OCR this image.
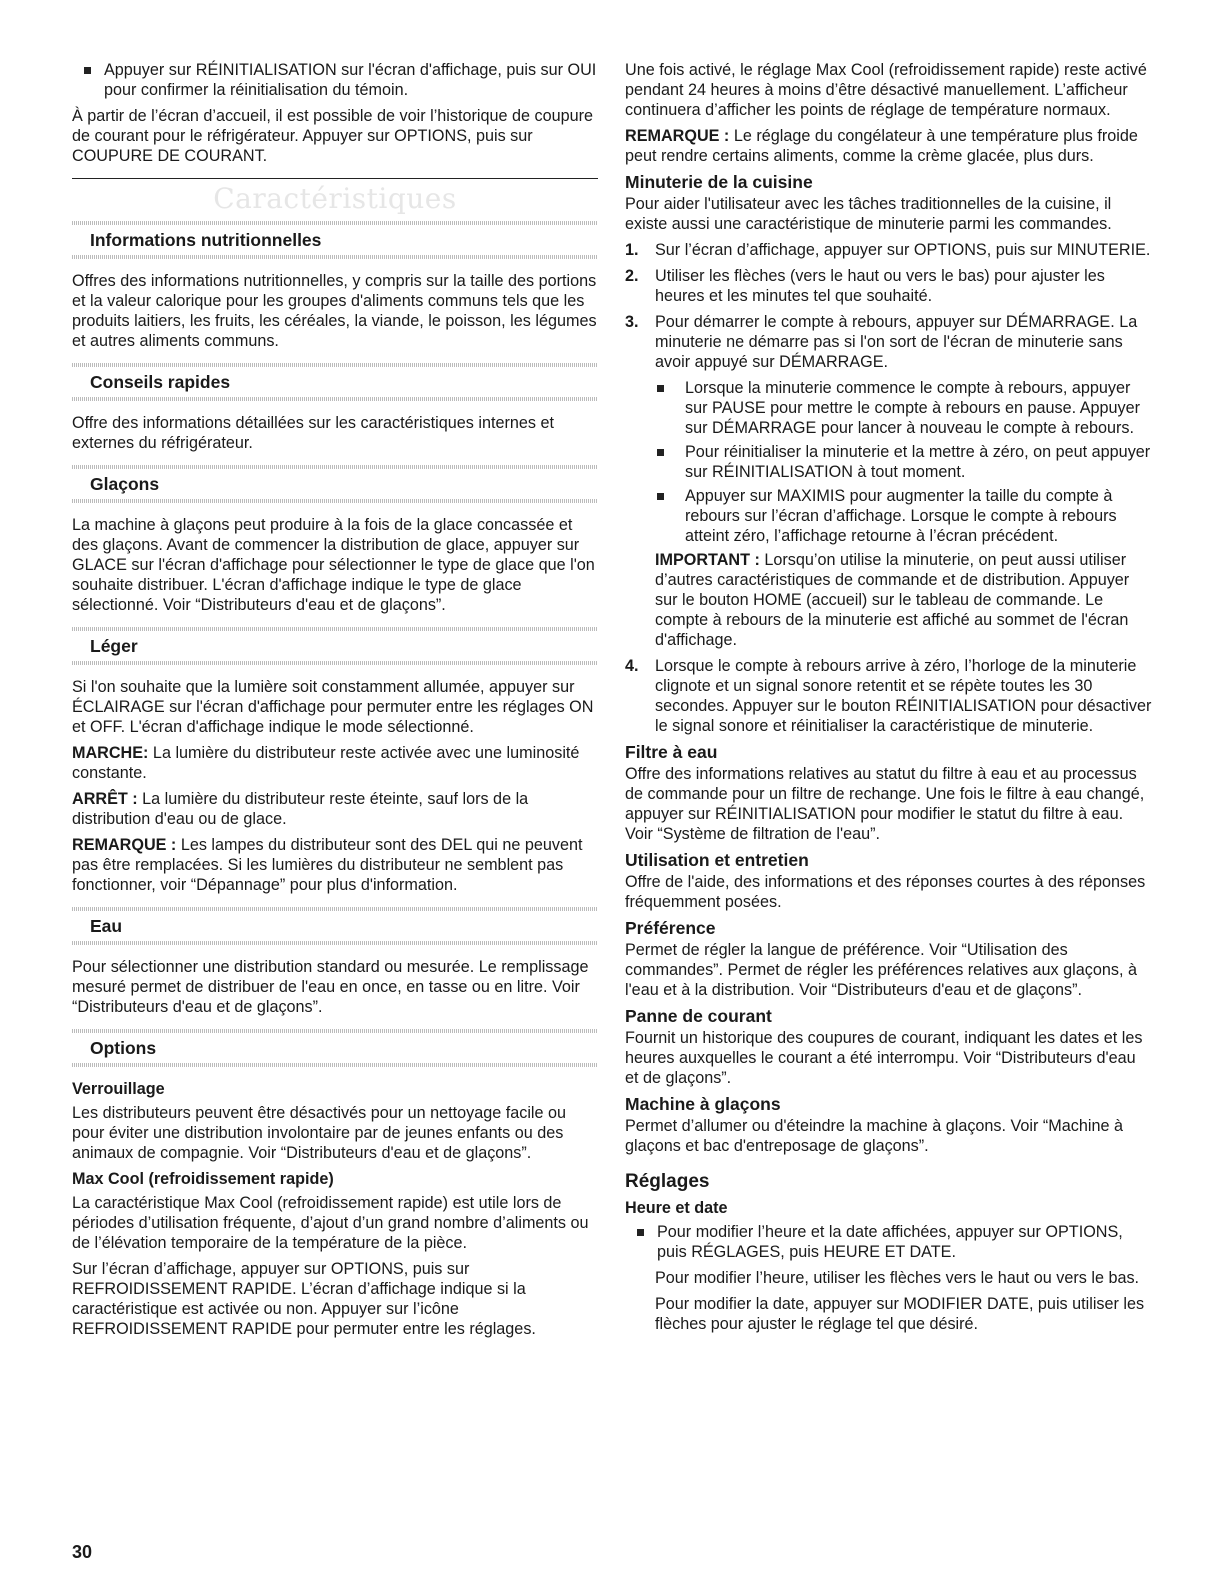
Appuyer sur RÉINITIALISATION sur l'écran d'affichage, puis sur OUI pour confirmer la réinitialisation du témoin.

À partir de l’écran d’accueil, il est possible de voir l’historique de coupure de courant pour le réfrigérateur. Appuyer sur OPTIONS, puis sur COUPURE DE COURANT.

Caractéristiques
Informations nutritionnelles

Offres des informations nutritionnelles, y compris sur la taille des portions et la valeur calorique pour les groupes d'aliments communs tels que les produits laitiers, les fruits, les céréales, la viande, le poisson, les légumes et autres aliments communs.

Conseils rapides

Offre des informations détaillées sur les caractéristiques internes et externes du réfrigérateur.

Glaçons

La machine à glaçons peut produire à la fois de la glace concassée et des glaçons. Avant de commencer la distribution de glace, appuyer sur GLACE sur l'écran d'affichage pour sélectionner le type de glace que l'on souhaite distribuer. L'écran d'affichage indique le type de glace sélectionné. Voir “Distributeurs d'eau et de glaçons”.

Léger

Si l'on souhaite que la lumière soit constamment allumée, appuyer sur ÉCLAIRAGE sur l'écran d'affichage pour permuter entre les réglages ON et OFF. L'écran d'affichage indique le mode sélectionné.

MARCHE: La lumière du distributeur reste activée avec une luminosité constante.

ARRÊT : La lumière du distributeur reste éteinte, sauf lors de la distribution d'eau ou de glace.

REMARQUE : Les lampes du distributeur sont des DEL qui ne peuvent pas être remplacées. Si les lumières du distributeur ne semblent pas fonctionner, voir “Dépannage” pour plus d'information.

Eau

Pour sélectionner une distribution standard ou mesurée. Le remplissage mesuré permet de distribuer de l'eau en once, en tasse ou en litre. Voir “Distributeurs d'eau et de glaçons”.

Options
Verrouillage

Les distributeurs peuvent être désactivés pour un nettoyage facile ou pour éviter une distribution involontaire par de jeunes enfants ou des animaux de compagnie. Voir “Distributeurs d'eau et de glaçons”.

Max Cool (refroidissement rapide)

La caractéristique Max Cool (refroidissement rapide) est utile lors de périodes d’utilisation fréquente, d’ajout d’un grand nombre d’aliments ou de l’élévation temporaire de la température de la pièce.

Sur l’écran d’affichage, appuyer sur OPTIONS, puis sur REFROIDISSEMENT RAPIDE. L’écran d’affichage indique si la caractéristique est activée ou non. Appuyer sur l’icône REFROIDISSEMENT RAPIDE pour permuter entre les réglages.

Une fois activé, le réglage Max Cool (refroidissement rapide) reste activé pendant 24 heures à moins d’être désactivé manuellement. L’afficheur continuera d’afficher les points de réglage de température normaux.

REMARQUE : Le réglage du congélateur à une température plus froide peut rendre certains aliments, comme la crème glacée, plus durs.

Minuterie de la cuisine

Pour aider l'utilisateur avec les tâches traditionnelles de la cuisine, il existe aussi une caractéristique de minuterie parmi les commandes.

1. Sur l’écran d’affichage, appuyer sur OPTIONS, puis sur MINUTERIE.
2. Utiliser les flèches (vers le haut ou vers le bas) pour ajuster les heures et les minutes tel que souhaité.
3. Pour démarrer le compte à rebours, appuyer sur DÉMARRAGE. La minuterie ne démarre pas si l'on sort de l'écran de minuterie sans avoir appuyé sur DÉMARRAGE.
Lorsque la minuterie commence le compte à rebours, appuyer sur PAUSE pour mettre le compte à rebours en pause. Appuyer sur DÉMARRAGE pour lancer à nouveau le compte à rebours.
Pour réinitialiser la minuterie et la mettre à zéro, on peut appuyer sur RÉINITIALISATION à tout moment.
Appuyer sur MAXIMIS pour augmenter la taille du compte à rebours sur l’écran d’affichage. Lorsque le compte à rebours atteint zéro, l’affichage retourne à l’écran précédent.
IMPORTANT : Lorsqu’on utilise la minuterie, on peut aussi utiliser d’autres caractéristiques de commande et de distribution. Appuyer sur le bouton HOME (accueil) sur le tableau de commande. Le compte à rebours de la minuterie est affiché au sommet de l'écran d'affichage.
4. Lorsque le compte à rebours arrive à zéro, l’horloge de la minuterie clignote et un signal sonore retentit et se répète toutes les 30 secondes. Appuyer sur le bouton RÉINITIALISATION pour désactiver le signal sonore et réinitialiser la caractéristique de minuterie.
Filtre à eau

Offre des informations relatives au statut du filtre à eau et au processus de commande pour un filtre de rechange. Une fois le filtre à eau changé, appuyer sur RÉINITIALISATION pour modifier le statut du filtre à eau. Voir “Système de filtration de l'eau”.

Utilisation et entretien

Offre de l'aide, des informations et des réponses courtes à des réponses fréquemment posées.

Préférence

Permet de régler la langue de préférence. Voir “Utilisation des commandes”. Permet de régler les préférences relatives aux glaçons, à l'eau et à la distribution. Voir “Distributeurs d'eau et de glaçons”.

Panne de courant

Fournit un historique des coupures de courant, indiquant les dates et les heures auxquelles le courant a été interrompu. Voir “Distributeurs d'eau et de glaçons”.

Machine à glaçons

Permet d’allumer ou d'éteindre la machine à glaçons. Voir “Machine à glaçons et bac d'entreposage de glaçons”.

Réglages
Heure et date
Pour modifier l’heure et la date affichées, appuyer sur OPTIONS, puis RÉGLAGES, puis HEURE ET DATE.

Pour modifier l’heure, utiliser les flèches vers le haut ou vers le bas.

Pour modifier la date, appuyer sur MODIFIER DATE, puis utiliser les flèches pour ajuster le réglage tel que désiré.

30
